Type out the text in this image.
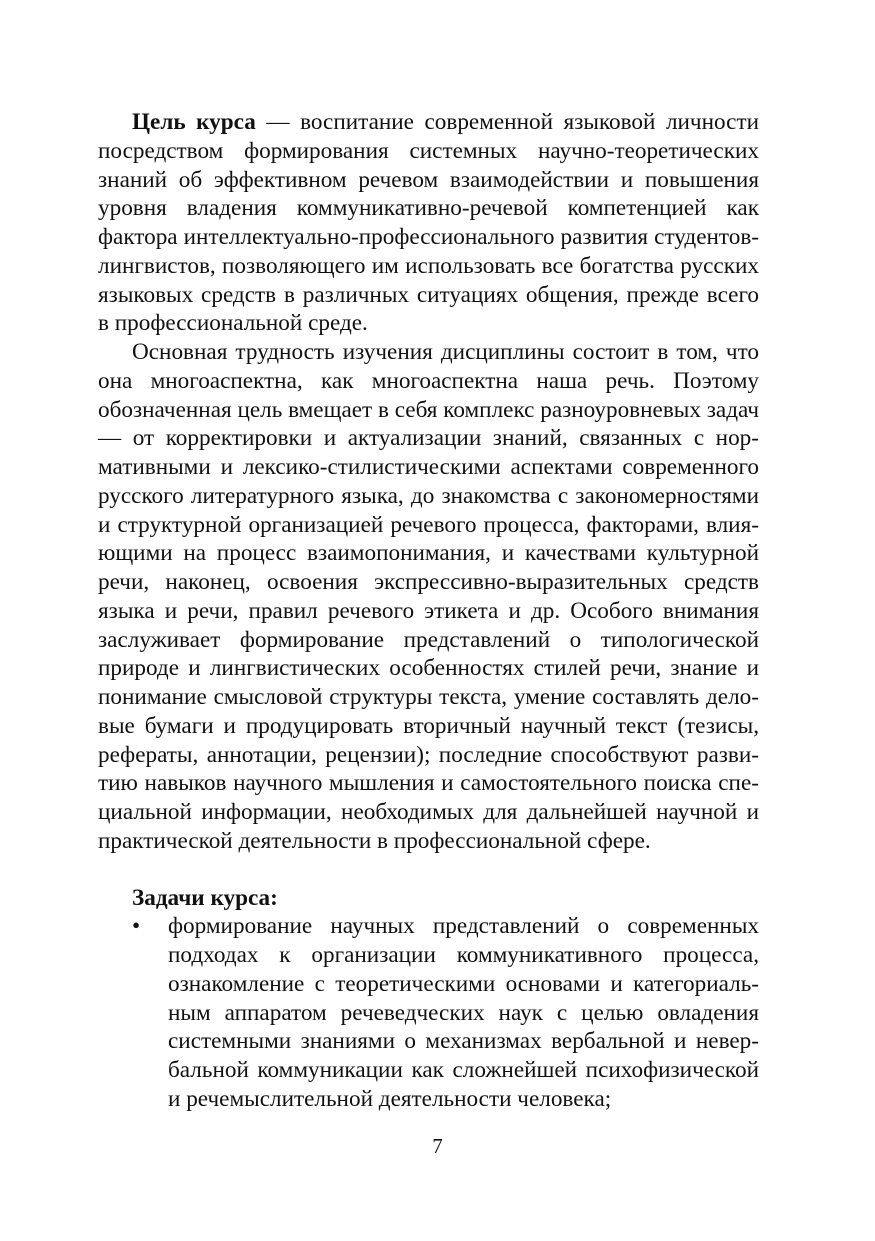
Цель курса — воспитание современной языковой личности посредством формирования системных научно-теоретических знаний об эффективном речевом взаимодействии и повышения уровня владения коммуникативно-речевой компетенцией как фактора интеллектуально-профессионального развития студентов-лингвистов, позволяющего им использовать все богатства русских языковых средств в различных ситуациях общения, прежде всего в профессиональной среде.

Основная трудность изучения дисциплины состоит в том, что она многоаспектна, как многоаспектна наша речь. Поэтому обозначенная цель вмещает в себя комплекс разноуровневых задач — от корректировки и актуализации знаний, связанных с нормативными и лексико-стилистическими аспектами современного русского литературного языка, до знакомства с закономерностями и структурной организацией речевого процесса, факторами, влияющими на процесс взаимопонимания, и качествами культурной речи, наконец, освоения экспрессивно-выразительных средств языка и речи, правил речевого этикета и др. Особого внимания заслуживает формирование представлений о типологической природе и лингвистических особенностях стилей речи, знание и понимание смысловой структуры текста, умение составлять деловые бумаги и продуцировать вторичный научный текст (тезисы, рефераты, аннотации, рецензии); последние способствуют развитию навыков научного мышления и самостоятельного поиска специальной информации, необходимых для дальнейшей научной и практической деятельности в профессиональной сфере.

Задачи курса:
• формирование научных представлений о современных подходах к организации коммуникативного процесса, ознакомление с теоретическими основами и категориальным аппаратом речеведческих наук с целью овладения системными знаниями о механизмах вербальной и невербальной коммуникации как сложнейшей психофизической и речемыслительной деятельности человека;
7
